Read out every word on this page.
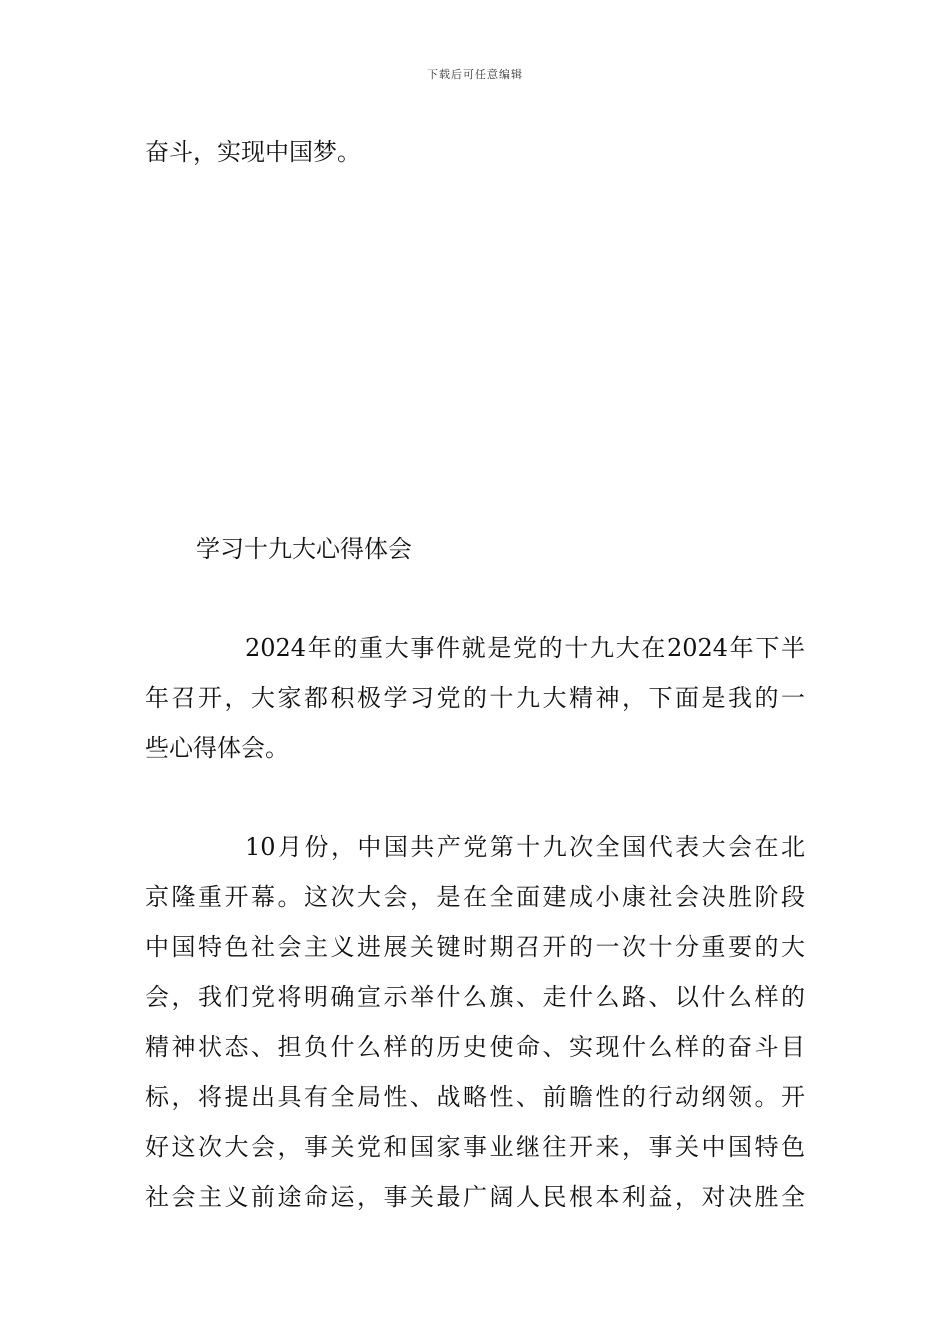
下载后可任意编辑
奋斗，实现中国梦。
学习十九大心得体会
2024年的重大事件就是党的十九大在2024年下半
年召开，大家都积极学习党的十九大精神，下面是我的一
些心得体会。
10月份，中国共产党第十九次全国代表大会在北
京隆重开幕。这次大会，是在全面建成小康社会决胜阶段
中国特色社会主义进展关键时期召开的一次十分重要的大
会，我们党将明确宣示举什么旗、走什么路、以什么样的
精神状态、担负什么样的历史使命、实现什么样的奋斗目
标，将提出具有全局性、战略性、前瞻性的行动纲领。开
好这次大会，事关党和国家事业继往开来，事关中国特色
社会主义前途命运，事关最广阔人民根本利益，对决胜全
